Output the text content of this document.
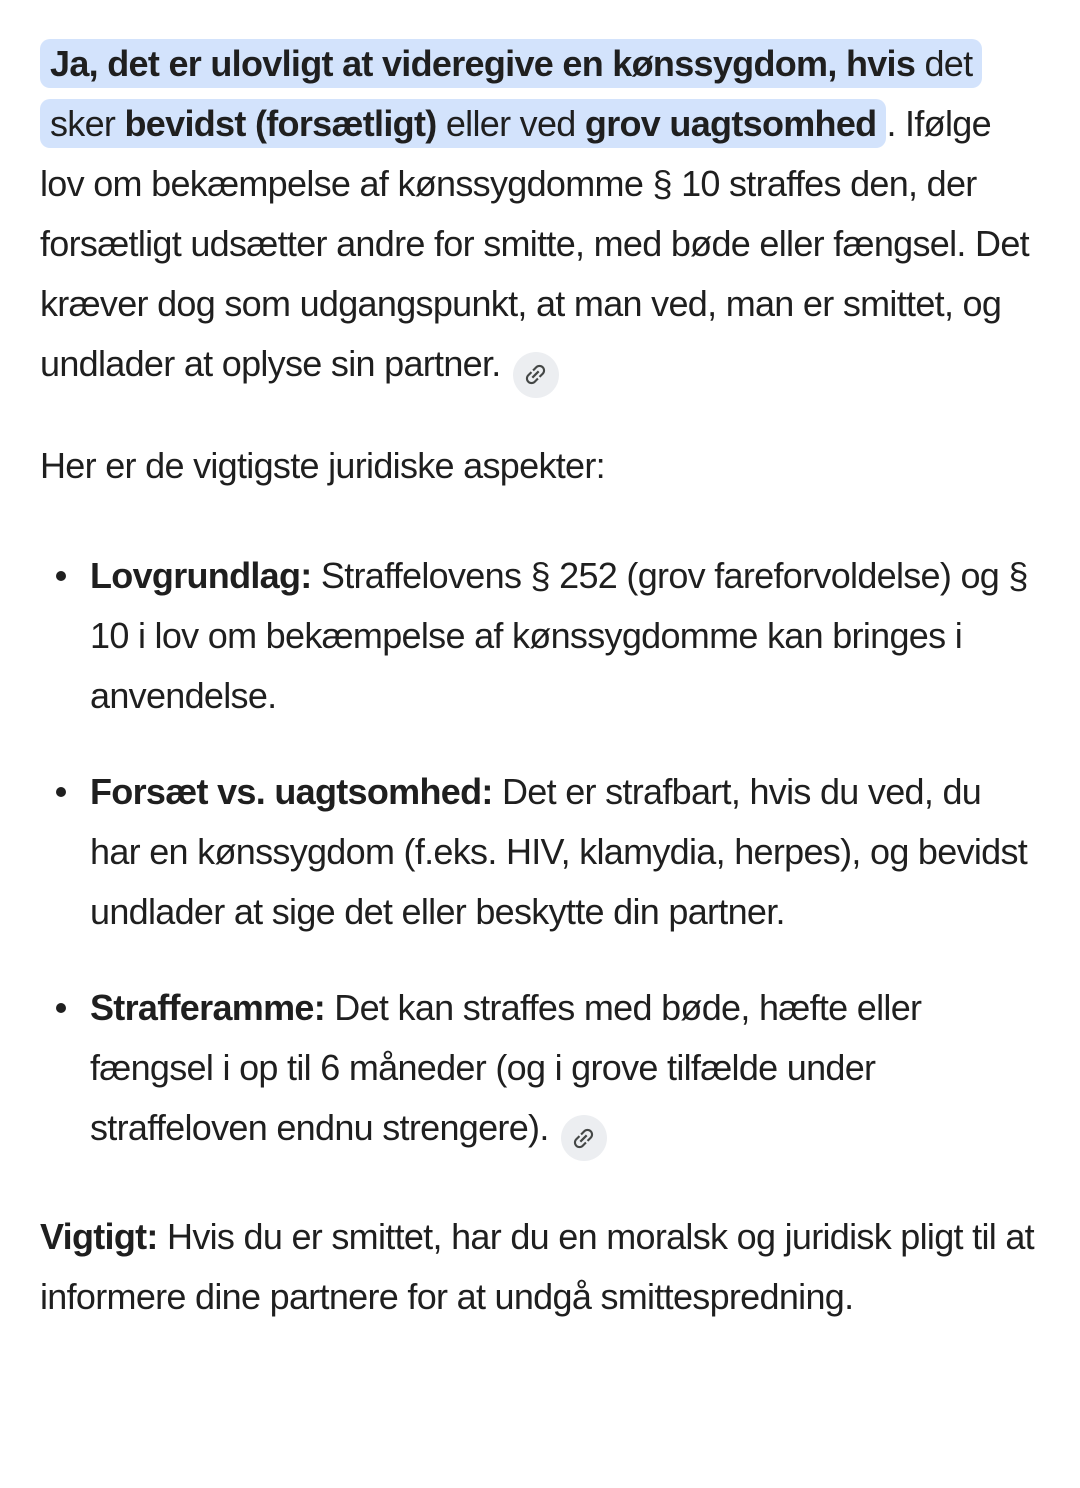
Ja, det er ulovligt at videregive en kønssygdom, hvis det sker bevidst (forsætligt) eller ved grov uagtsomhed . Ifølge lov om bekæmpelse af kønssygdomme § 10 straffes den, der forsætligt udsætter andre for smitte, med bøde eller fængsel. Det kræver dog som udgangspunkt, at man ved, man er smittet, og undlader at oplyse sin partner.

Her er de vigtigste juridiske aspekter:

Lovgrundlag: Straffelovens § 252 (grov fareforvoldelse) og § 10 i lov om bekæmpelse af kønssygdomme kan bringes i anvendelse.
Forsæt vs. uagtsomhed: Det er strafbart, hvis du ved, du har en kønssygdom (f.eks. HIV, klamydia, herpes), og bevidst undlader at sige det eller beskytte din partner.
Strafferamme: Det kan straffes med bøde, hæfte eller fængsel i op til 6 måneder (og i grove tilfælde under straffeloven endnu strengere).

Vigtigt: Hvis du er smittet, har du en moralsk og juridisk pligt til at informere dine partnere for at undgå smittespredning.
